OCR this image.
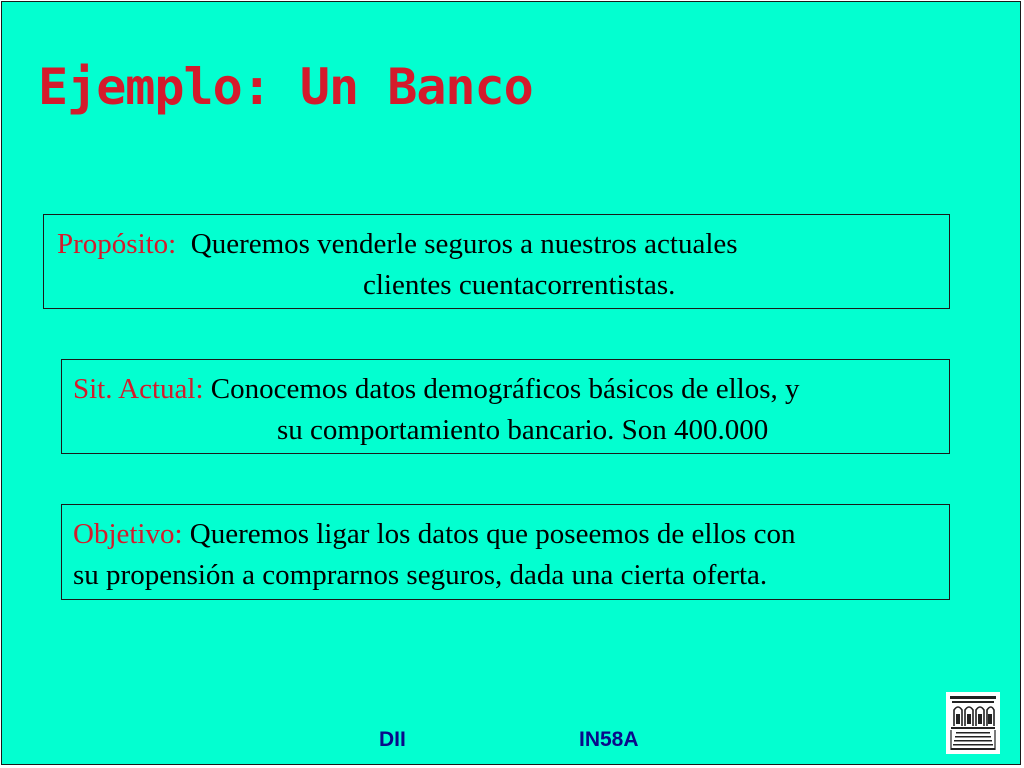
Ejemplo: Un Banco
Propósito: Queremos venderle seguros a nuestros actuales
clientes cuentacorrentistas.
Sit. Actual: Conocemos datos demográficos básicos de ellos, y
su comportamiento bancario. Son 400.000
Objetivo: Queremos ligar los datos que poseemos de ellos con
su propensión a comprarnos seguros, dada una cierta oferta.
DII	IN58A
